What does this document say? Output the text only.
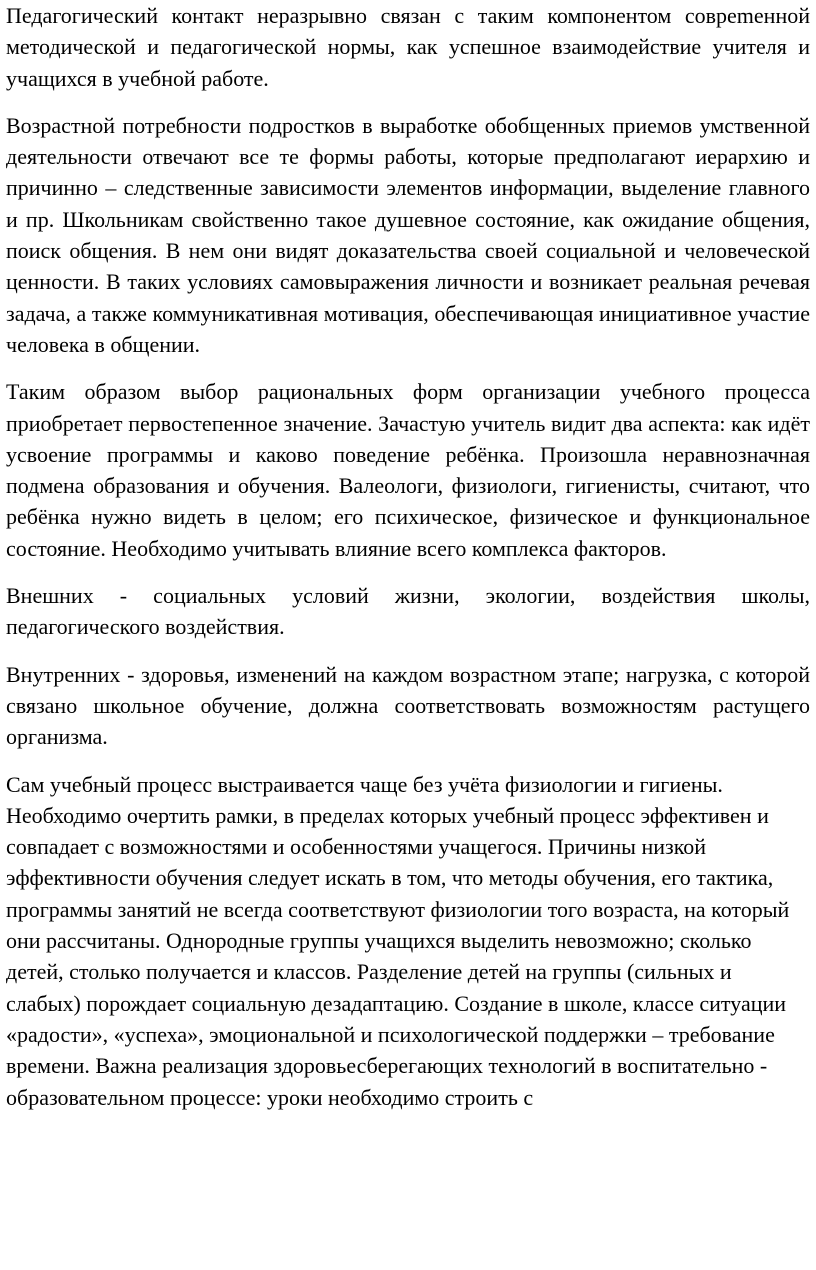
Педагогический контакт неразрывно связан с таким компонентом совреmенной методической и педагогической нормы, как успешное взаимодействие учителя и учащихся в учебной работе.

Возрастной потребности подростков в выработке обобщенных приемов умственной деятельности отвечают все те формы работы, которые предполагают иерархию и причинно – следственные зависимости элементов информации, выделение главного и пр. Школьникам свойственно такое душевное состояние, как ожидание общения, поиск общения. В нем они видят доказательства своей социальной и человеческой ценности. В таких условиях самовыражения личности и возникает реальная речевая задача, а также коммуникативная мотивация, обеспечивающая инициативное участие человека в общении.

Таким образом выбор рациональных форм организации учебного процесса приобретает первостепенное значение. Зачастую учитель видит два аспекта: как идёт усвоение программы и каково поведение ребёнка. Произошла неравнозначная подмена образования и обучения. Валеологи, физиологи, гигиенисты, считают, что ребёнка нужно видеть в целом; его психическое, физическое и функциональное состояние. Необходимо учитывать влияние всего комплекса факторов.

Внешних - социальных условий жизни, экологии, воздействия школы, педагогического воздействия.

Внутренних - здоровья, изменений на каждом возрастном этапе; нагрузка, с которой связано школьное обучение, должна соответствовать возможностям растущего организма.

Сам учебный процесс выстраивается чаще без учёта физиологии и гигиены. Необходимо очертить рамки, в пределах которых учебный процесс эффективен и совпадает с возможностями и особенностями учащегося. Причины низкой эффективности обучения следует искать в том, что методы обучения, его тактика, программы занятий не всегда соответствуют физиологии того возраста, на который они рассчитаны. Однородные группы учащихся выделить невозможно; сколько детей, столько получается и классов. Разделение детей на группы (сильных и слабых) порождает социальную дезадаптацию. Создание в школе, классе ситуации «радости», «успеха», эмоциональной и психологической поддержки – требование времени. Важна реализация здоровьесберегающих технологий в воспитательно - образовательном процессе: уроки необходимо строить с
